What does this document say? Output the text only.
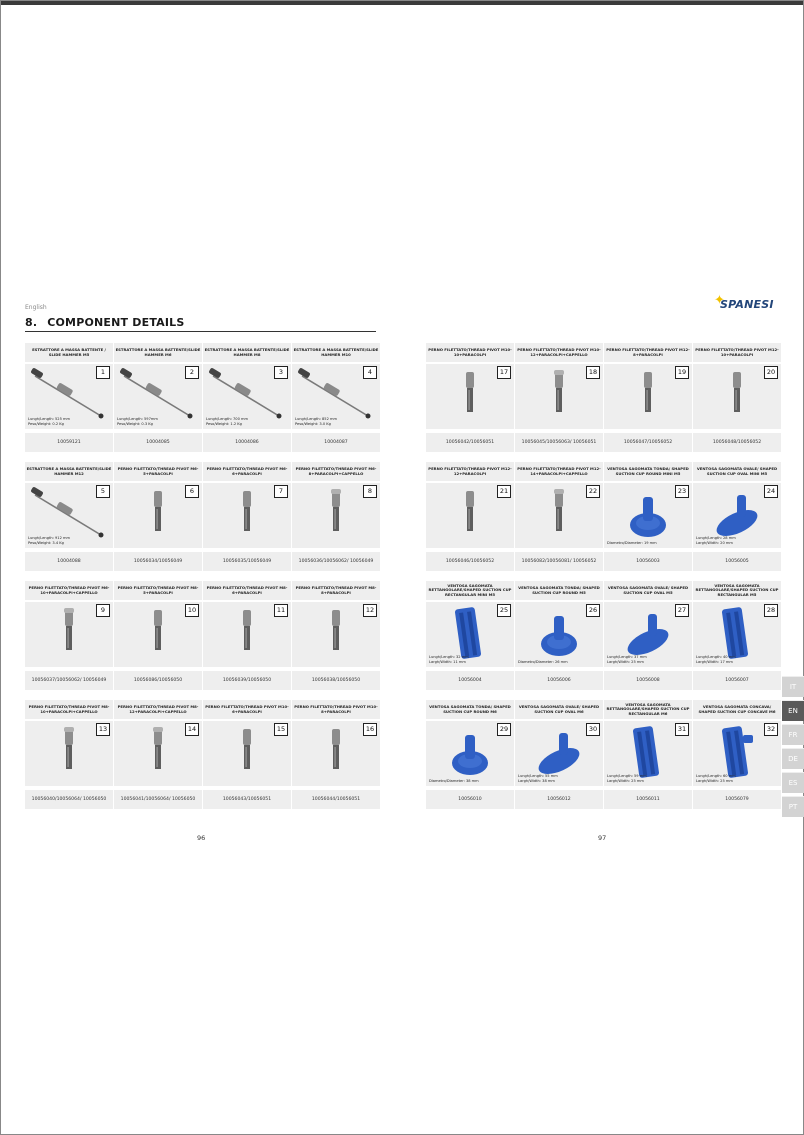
English
8. COMPONENT DETAILS
✦
SPANESI
ESTRATTORE A MASSA BATTENTE / SLIDE HAMMER M5
1
Lungh/Length: 525 mm
Peso/Weight: 0.2 Kg
10059121
ESTRATTORE A MASSA BATTENTE/SLIDE HAMMER M6
2
Lungh/Length: 597mm
Peso/Weight: 0.3 Kg
10004085
ESTRATTORE A MASSA BATTENTE/SLIDE HAMMER M8
3
Lungh/Length: 700 mm
Peso/Weight: 1.2 Kg
10004086
ESTRATTORE A MASSA BATTENTE/SLIDE HAMMER M10
4
Lungh/Length: 852 mm
Peso/Weight: 3.0 Kg
10004087
ESTRATTORE A MASSA BATTENTE/SLIDE HAMMER M12
5
Lungh/Length: 912 mm
Peso/Weight: 3.4 Kg
10004088
PERNO FILETTATO/THREAD PIVOT M6-5+PARACOLPI
6
10056034/10056049
PERNO FILETTATO/THREAD PIVOT M6-6+PARACOLPI
7
10056035/10056049
PERNO FILETTATO/THREAD PIVOT M6-8+PARACOLPI+CAPPELLO
8
10056036/10056062/ 10056049
PERNO FILETTATO/THREAD PIVOT M6-10+PARACOLPI+CAPPELLO
9
10056037/10056062/ 10056049
PERNO FILETTATO/THREAD PIVOT M8-5+PARACOLPI
10
10056086/10056050
PERNO FILETTATO/THREAD PIVOT M8-6+PARACOLPI
11
10056039/10056050
PERNO FILETTATO/THREAD PIVOT M8-8+PARACOLPI
12
10056038/10056050
PERNO FILETTATO/THREAD PIVOT M8-10+PARACOLPI+CAPPELLO
13
10056040/10056064/ 10056050
PERNO FILETTATO/THREAD PIVOT M8-12+PARACOLPI+CAPPELLO
14
10056041/10056064/ 10056050
PERNO FILETTATO/THREAD PIVOT M10-6+PARACOLPI
15
10056043/10056051
PERNO FILETTATO/THREAD PIVOT M10-8+PARACOLPI
16
10056044/10056051
PERNO FILETTATO/THREAD PIVOT M10-10+PARACOLPI
17
10056042/10056051
PERNO FILETTATO/THREAD PIVOT M10-12+PARACOLPI+CAPPELLO
18
10056045/10056063/ 10056051
PERNO FILETTATO/THREAD PIVOT M12-8+PARACOLPI
19
10056047/10056052
PERNO FILETTATO/THREAD PIVOT M12-10+PARACOLPI
20
10056048/10056052
PERNO FILETTATO/THREAD PIVOT M12-12+PARACOLPI
21
10056046/10056052
PERNO FILETTATO/THREAD PIVOT M12-14+PARACOLPI+CAPPELLO
22
10056082/10056081/ 10056052
VENTOSA SAGOMATA TONDA/ SHAPED SUCTION CUP ROUND MINI M5
23
Diametro/Diameter: 19 mm
10056003
VENTOSA SAGOMATA OVALE/ SHAPED SUCTION CUP OVAL MINI M5
24
Lungh/Length: 28 mm
Largh/Width: 20 mm
10056005
VENTOSA SAGOMATA RETTANGOLARE/SHAPED SUCTION CUP RECTANGULAR MINI M5
25
Lungh/Length: 32 mm
Largh/Width: 11 mm
10056004
VENTOSA SAGOMATA TONDA/ SHAPED SUCTION CUP ROUND M5
26
Diametro/Diameter: 26 mm
10056006
VENTOSA SAGOMATA OVALE/ SHAPED SUCTION CUP OVAL M5
27
Lungh/Length: 37 mm
Largh/Width: 25 mm
10056008
VENTOSA SAGOMATA RETTANGOLARE/SHAPED SUCTION CUP RECTANGULAR M5
28
Lungh/Length: 40 mm
Largh/Width: 17 mm
10056007
VENTOSA SAGOMATA TONDA/ SHAPED SUCTION CUP ROUND M6
29
Diametro/Diameter: 38 mm
10056010
VENTOSA SAGOMATA OVALE/ SHAPED SUCTION CUP OVAL M6
30
Lungh/Length: 55 mm
Largh/Width: 38 mm
10056012
VENTOSA SAGOMATA RETTANGOLARE/SHAPED SUCTION CUP RECTANGULAR M6
31
Lungh/Length: 59 mm
Largh/Width: 25 mm
10056011
VENTOSA SAGOMATA CONCAVA/ SHAPED SUCTION CUP CONCAVE M6
32
Lungh/Length: 60 mm
Largh/Width: 25 mm
10056079
96	97
IT
EN
FR
DE
ES
PT
